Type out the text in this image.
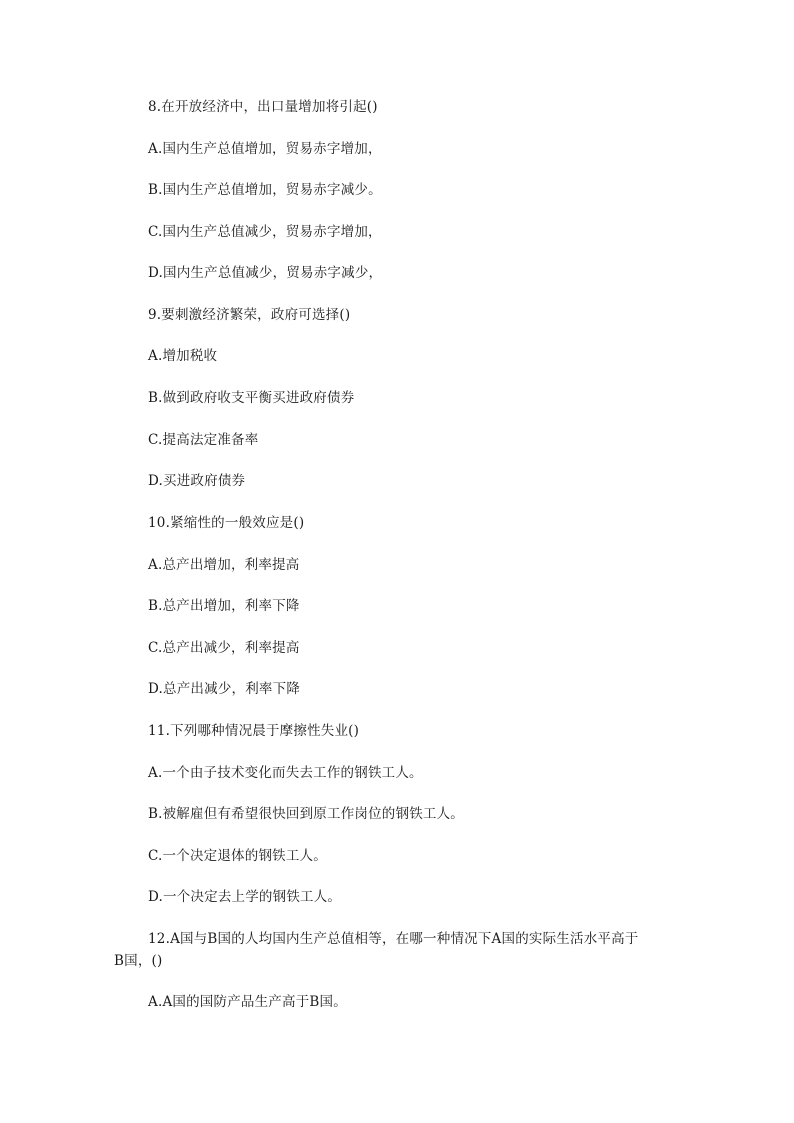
8.在开放经济中，出口量增加将引起()
A.国内生产总值增加，贸易赤字增加，
B.国内生产总值增加，贸易赤字减少。
C.国内生产总值减少，贸易赤字增加，
D.国内生产总值减少，贸易赤字减少，
9.要刺激经济繁荣，政府可选择()
A.增加税收
B.做到政府收支平衡买进政府债券
C.提高法定准备率
D.买进政府债券
10.紧缩性的一般效应是()
A.总产出增加，利率提高
B.总产出增加，利率下降
C.总产出减少，利率提高
D.总产出减少，利率下降
11.下列哪种情况晨于摩擦性失业()
A.一个由子技术变化而失去工作的钢铁工人。
B.被解雇但有希望很快回到原工作岗位的钢铁工人。
C.一个决定退体的钢铁工人。
D.一个决定去上学的钢铁工人。
12.A国与B国的人均国内生产总值相等，在哪一种情况下A国的实际生活水平高于B国，()
A.A国的国防产品生产高于B国。
